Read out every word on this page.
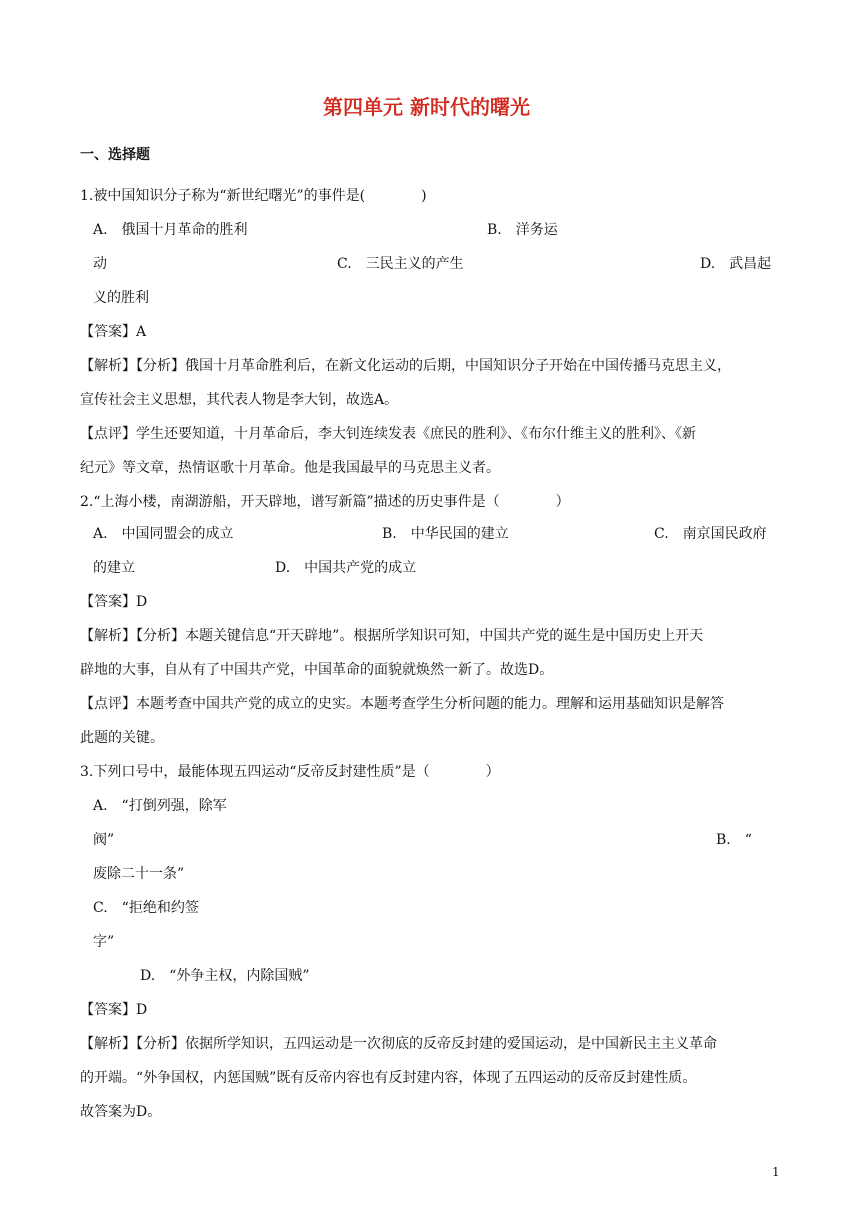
第四单元 新时代的曙光
一、选择题
1.被中国知识分子称为“新世纪曙光”的事件是(　　　　)
A.　俄国十月革命的胜利	B.　洋务运
动	C.　三民主义的产生	D.　武昌起
义的胜利
【答案】A
【解析】【分析】俄国十月革命胜利后，在新文化运动的后期，中国知识分子开始在中国传播马克思主义，
宣传社会主义思想，其代表人物是李大钊，故选A。
【点评】学生还要知道，十月革命后，李大钊连续发表《庶民的胜利》、《布尔什维主义的胜利》、《新
纪元》等文章，热情讴歌十月革命。他是我国最早的马克思主义者。
2.“上海小楼，南湖游船，开天辟地，谱写新篇”描述的历史事件是（　　　　）
A.　中国同盟会的成立	B.　中华民国的建立	C.　南京国民政府
的建立	D.　中国共产党的成立
【答案】D
【解析】【分析】本题关键信息“开天辟地”。根据所学知识可知，中国共产党的诞生是中国历史上开天
辟地的大事，自从有了中国共产党，中国革命的面貌就焕然一新了。故选D。
【点评】本题考查中国共产党的成立的史实。本题考查学生分析问题的能力。理解和运用基础知识是解答
此题的关键。
3.下列口号中，最能体现五四运动“反帝反封建性质”是（　　　　）
A.　“打倒列强，除军
阀”	B.　“
废除二十一条”
C.　“拒绝和约签
字”
D.　“外争主权，内除国贼”
【答案】D
【解析】【分析】依据所学知识，五四运动是一次彻底的反帝反封建的爱国运动，是中国新民主主义革命
的开端。“外争国权，内惩国贼”既有反帝内容也有反封建内容，体现了五四运动的反帝反封建性质。
故答案为D。
1
